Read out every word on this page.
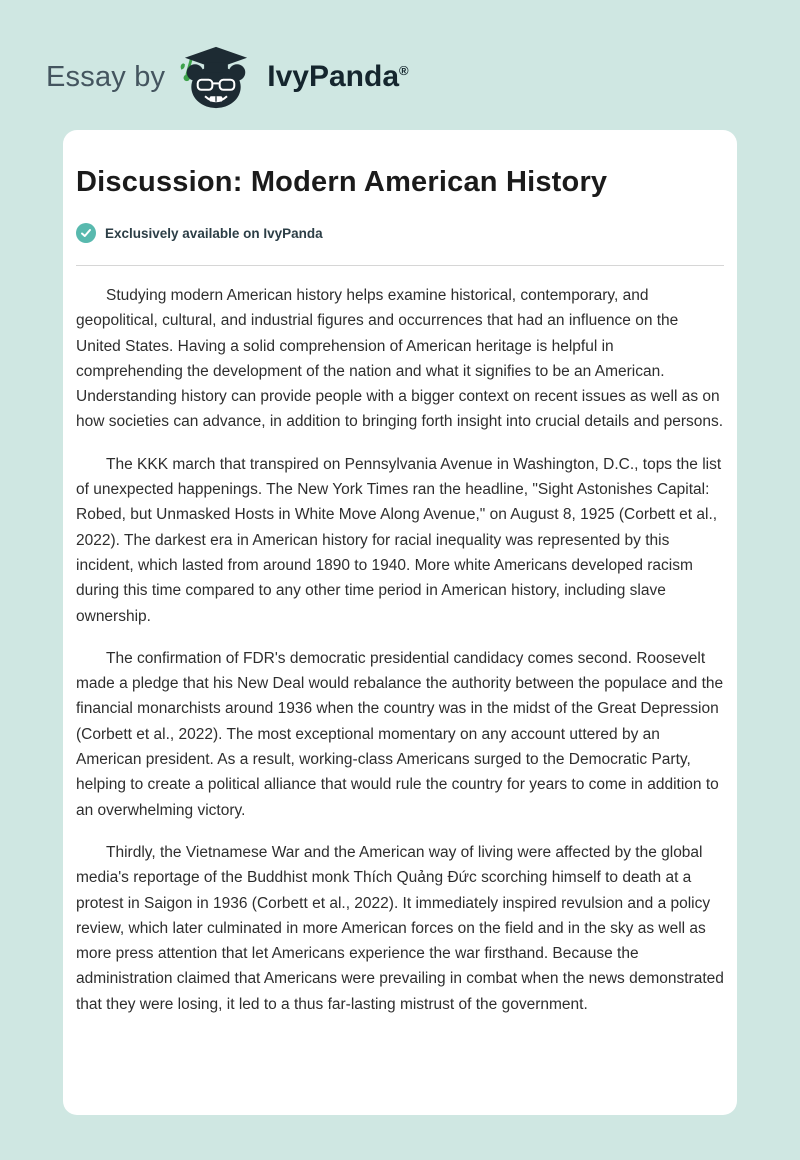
Essay by	IvyPanda®
Discussion: Modern American History
Exclusively available on IvyPanda

Studying modern American history helps examine historical, contemporary, and geopolitical, cultural, and industrial figures and occurrences that had an influence on the United States. Having a solid comprehension of American heritage is helpful in comprehending the development of the nation and what it signifies to be an American. Understanding history can provide people with a bigger context on recent issues as well as on how societies can advance, in addition to bringing forth insight into crucial details and persons.

The KKK march that transpired on Pennsylvania Avenue in Washington, D.C., tops the list of unexpected happenings. The New York Times ran the headline, "Sight Astonishes Capital: Robed, but Unmasked Hosts in White Move Along Avenue," on August 8, 1925 (Corbett et al., 2022). The darkest era in American history for racial inequality was represented by this incident, which lasted from around 1890 to 1940. More white Americans developed racism during this time compared to any other time period in American history, including slave ownership.

The confirmation of FDR's democratic presidential candidacy comes second. Roosevelt made a pledge that his New Deal would rebalance the authority between the populace and the financial monarchists around 1936 when the country was in the midst of the Great Depression (Corbett et al., 2022). The most exceptional momentary on any account uttered by an American president. As a result, working-class Americans surged to the Democratic Party, helping to create a political alliance that would rule the country for years to come in addition to an overwhelming victory.

Thirdly, the Vietnamese War and the American way of living were affected by the global media's reportage of the Buddhist monk Thích Quảng Đức scorching himself to death at a protest in Saigon in 1936 (Corbett et al., 2022). It immediately inspired revulsion and a policy review, which later culminated in more American forces on the field and in the sky as well as more press attention that let Americans experience the war firsthand. Because the administration claimed that Americans were prevailing in combat when the news demonstrated that they were losing, it led to a thus far-lasting mistrust of the government.
